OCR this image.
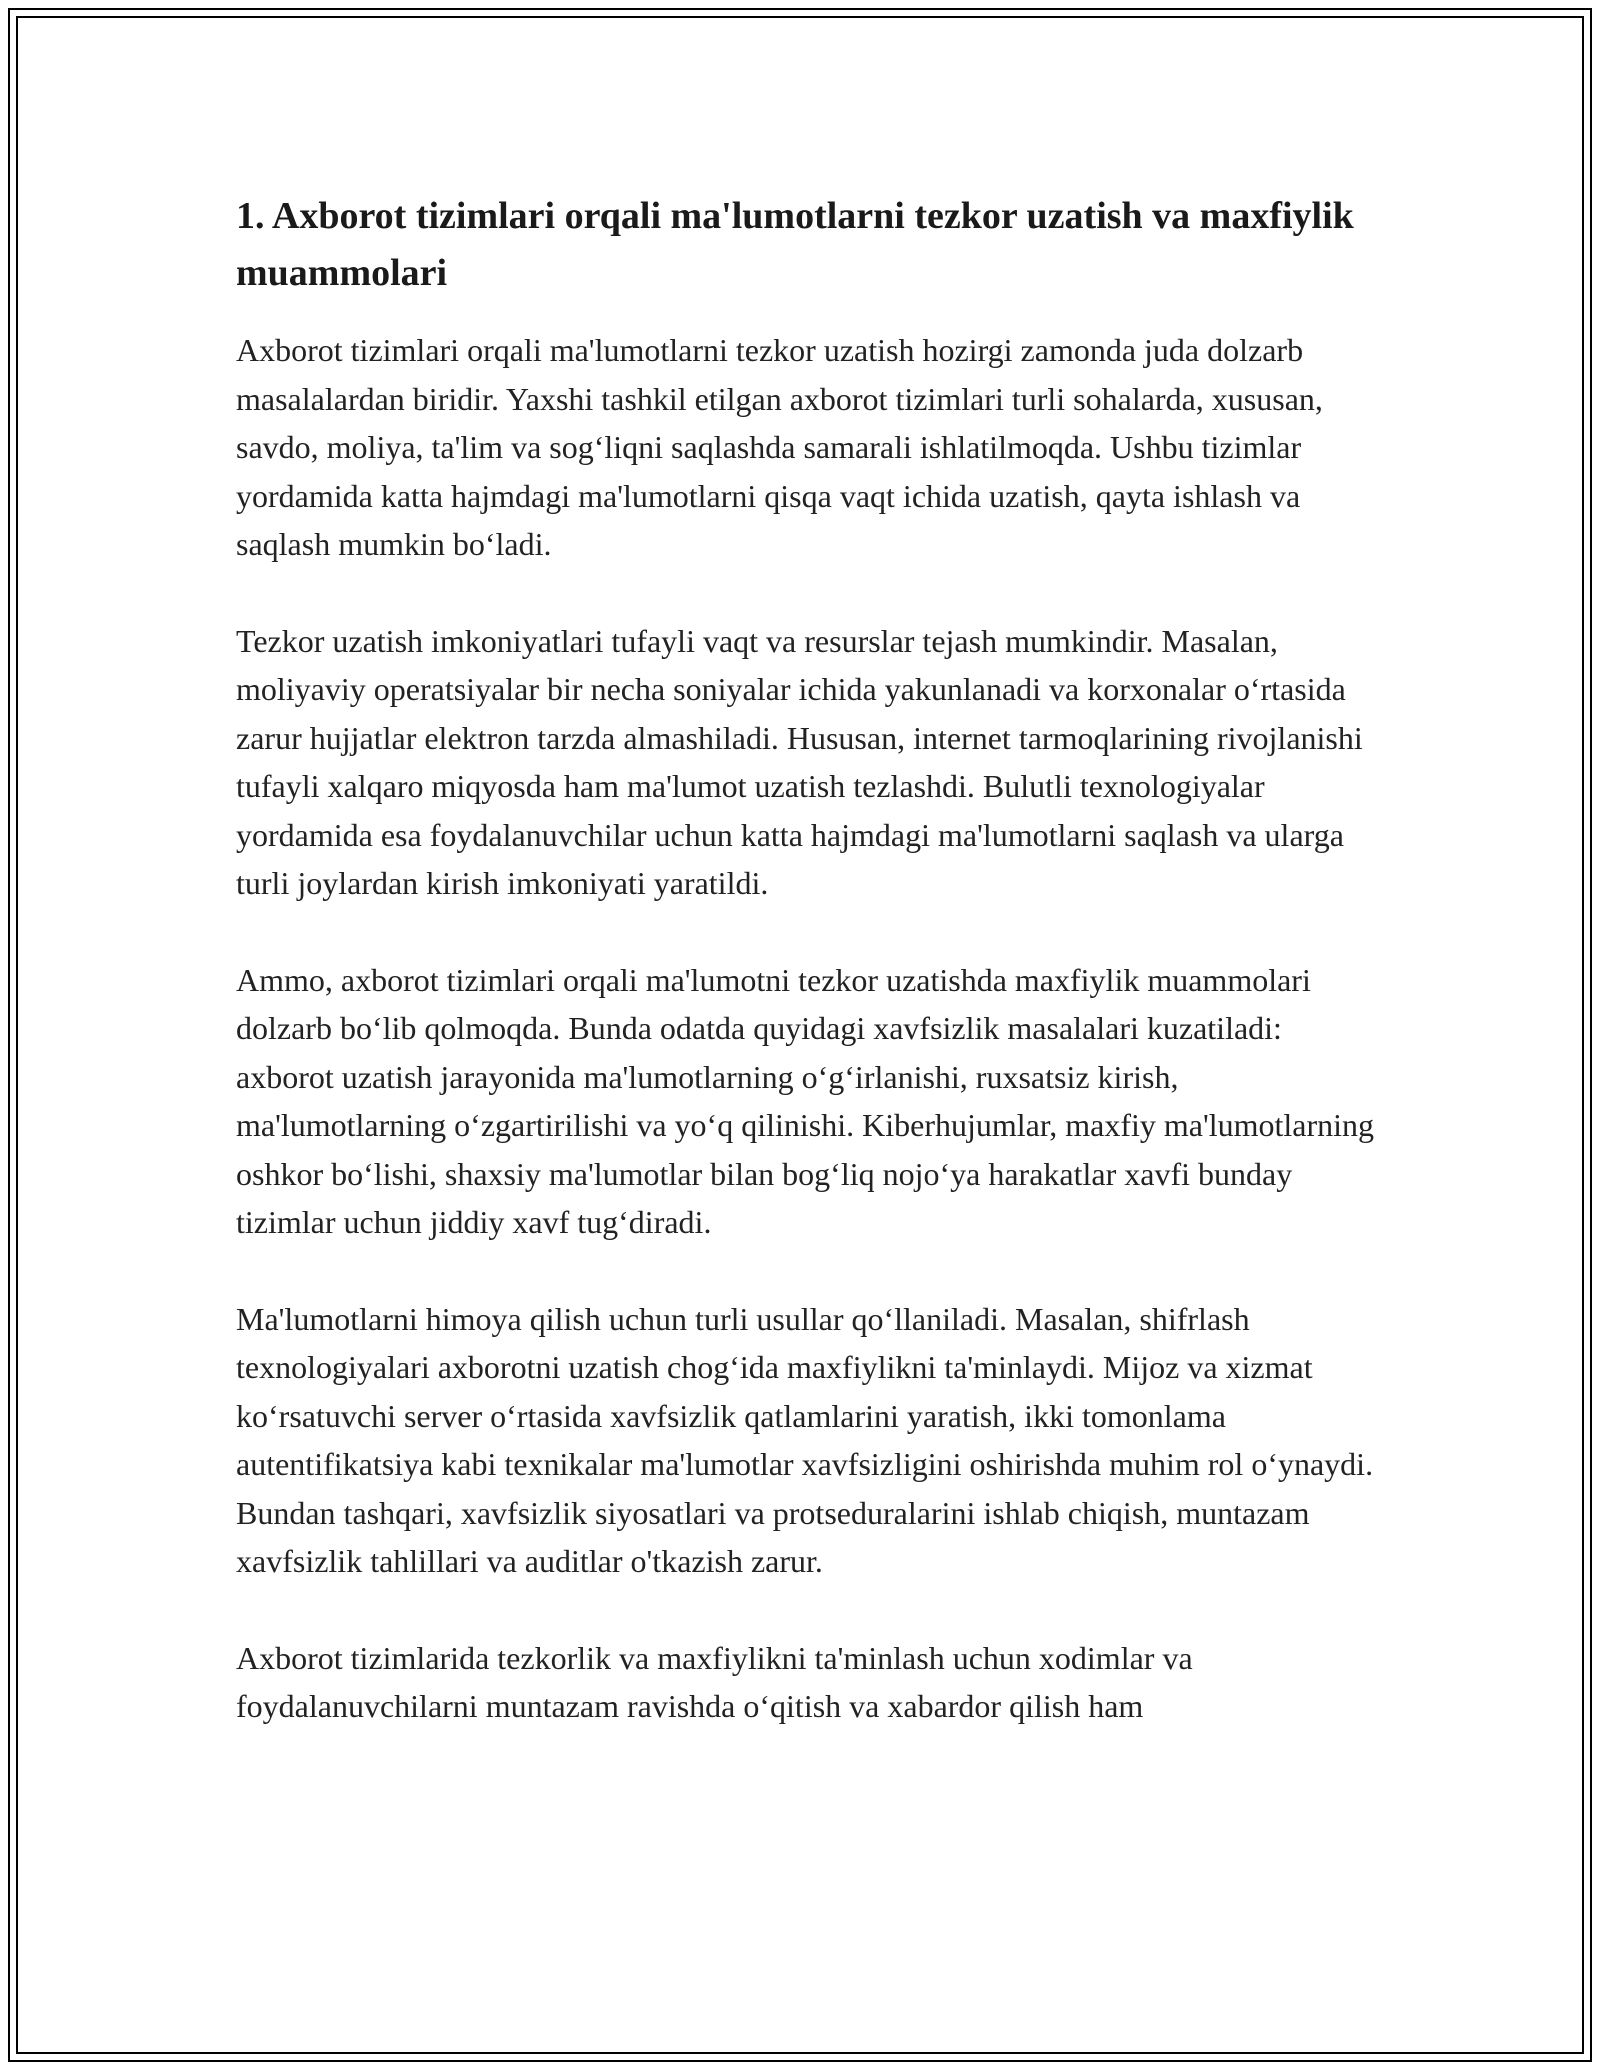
1. Axborot tizimlari orqali ma'lumotlarni tezkor uzatish va maxfiylik muammolari

Axborot tizimlari orqali ma'lumotlarni tezkor uzatish hozirgi zamonda juda dolzarb masalalardan biridir. Yaxshi tashkil etilgan axborot tizimlari turli sohalarda, xususan, savdo, moliya, ta'lim va sog‘liqni saqlashda samarali ishlatilmoqda. Ushbu tizimlar yordamida katta hajmdagi ma'lumotlarni qisqa vaqt ichida uzatish, qayta ishlash va saqlash mumkin bo‘ladi.

Tezkor uzatish imkoniyatlari tufayli vaqt va resurslar tejash mumkindir. Masalan, moliyaviy operatsiyalar bir necha soniyalar ichida yakunlanadi va korxonalar o‘rtasida zarur hujjatlar elektron tarzda almashiladi. Hususan, internet tarmoqlarining rivojlanishi tufayli xalqaro miqyosda ham ma'lumot uzatish tezlashdi. Bulutli texnologiyalar yordamida esa foydalanuvchilar uchun katta hajmdagi ma'lumotlarni saqlash va ularga turli joylardan kirish imkoniyati yaratildi.

Ammo, axborot tizimlari orqali ma'lumotni tezkor uzatishda maxfiylik muammolari dolzarb bo‘lib qolmoqda. Bunda odatda quyidagi xavfsizlik masalalari kuzatiladi: axborot uzatish jarayonida ma'lumotlarning o‘g‘irlanishi, ruxsatsiz kirish, ma'lumotlarning o‘zgartirilishi va yo‘q qilinishi. Kiberhujumlar, maxfiy ma'lumotlarning oshkor bo‘lishi, shaxsiy ma'lumotlar bilan bog‘liq nojo‘ya harakatlar xavfi bunday tizimlar uchun jiddiy xavf tug‘diradi.

Ma'lumotlarni himoya qilish uchun turli usullar qo‘llaniladi. Masalan, shifrlash texnologiyalari axborotni uzatish chog‘ida maxfiylikni ta'minlaydi. Mijoz va xizmat ko‘rsatuvchi server o‘rtasida xavfsizlik qatlamlarini yaratish, ikki tomonlama autentifikatsiya kabi texnikalar ma'lumotlar xavfsizligini oshirishda muhim rol o‘ynaydi. Bundan tashqari, xavfsizlik siyosatlari va protseduralarini ishlab chiqish, muntazam xavfsizlik tahlillari va auditlar o'tkazish zarur.

Axborot tizimlarida tezkorlik va maxfiylikni ta'minlash uchun xodimlar va foydalanuvchilarni muntazam ravishda o‘qitish va xabardor qilish ham
